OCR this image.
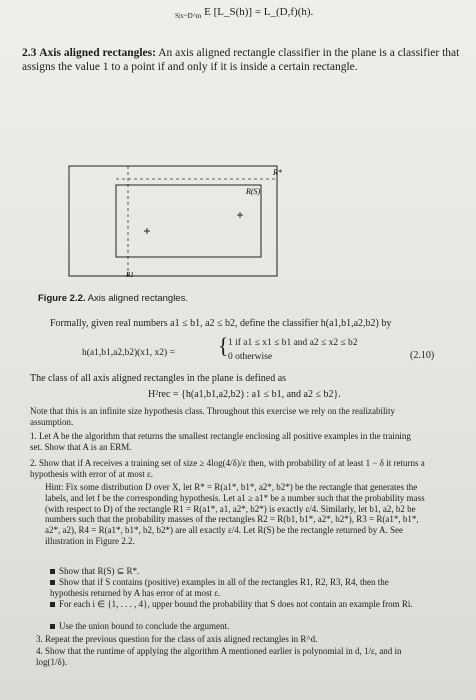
$_{S|x\sim D\^{}m}$ E [L_S(h)] = L_(D,f)(h).
2.3 Axis aligned rectangles: An axis aligned rectangle classifier in the plane is a classifier that assigns the value 1 to a point if and only if it is inside a certain rectangle.
R*
R(S)
R1
Figure 2.2. Axis aligned rectangles.
Formally, given real numbers a1 ≤ b1, a2 ≤ b2, define the classifier h(a1,b1,a2,b2) by
h(a1,b1,a2,b2)(x1, x2) = { 1 if a1 ≤ x1 ≤ b1 and a2 ≤ x2 ≤ b2
0 otherwise	(2.10)
The class of all axis aligned rectangles in the plane is defined as
H²rec = {h(a1,b1,a2,b2) : a1 ≤ b1, and a2 ≤ b2}.
Note that this is an infinite size hypothesis class. Throughout this exercise we rely on the realizability assumption.
1. Let A be the algorithm that returns the smallest rectangle enclosing all positive examples in the training set. Show that A is an ERM.
2. Show that if A receives a training set of size ≥ 4log(4/δ)/ε then, with probability of at least 1 − δ it returns a hypothesis with error of at most ε.
Hint: Fix some distribution D over X, let R* = R(a1*, b1*, a2*, b2*) be the rectangle that generates the labels, and let f be the corresponding hypothesis. Let a1 ≥ a1* be a number such that the probability mass (with respect to D) of the rectangle R1 = R(a1*, a1, a2*, b2*) is exactly ε/4. Similarly, let b1, a2, b2 be numbers such that the probability masses of the rectangles R2 = R(b1, b1*, a2*, b2*), R3 = R(a1*, b1*, a2*, a2), R4 = R(a1*, b1*, b2, b2*) are all exactly ε/4. Let R(S) be the rectangle returned by A. See illustration in Figure 2.2.
Show that R(S) ⊆ R*.
Show that if S contains (positive) examples in all of the rectangles R1, R2, R3, R4, then the hypothesis returned by A has error of at most ε.
For each i ∈ {1, . . . , 4}, upper bound the probability that S does not contain an example from Ri.
Use the union bound to conclude the argument.
3. Repeat the previous question for the class of axis aligned rectangles in R^d.
4. Show that the runtime of applying the algorithm A mentioned earlier is polynomial in d, 1/ε, and in log(1/δ).
